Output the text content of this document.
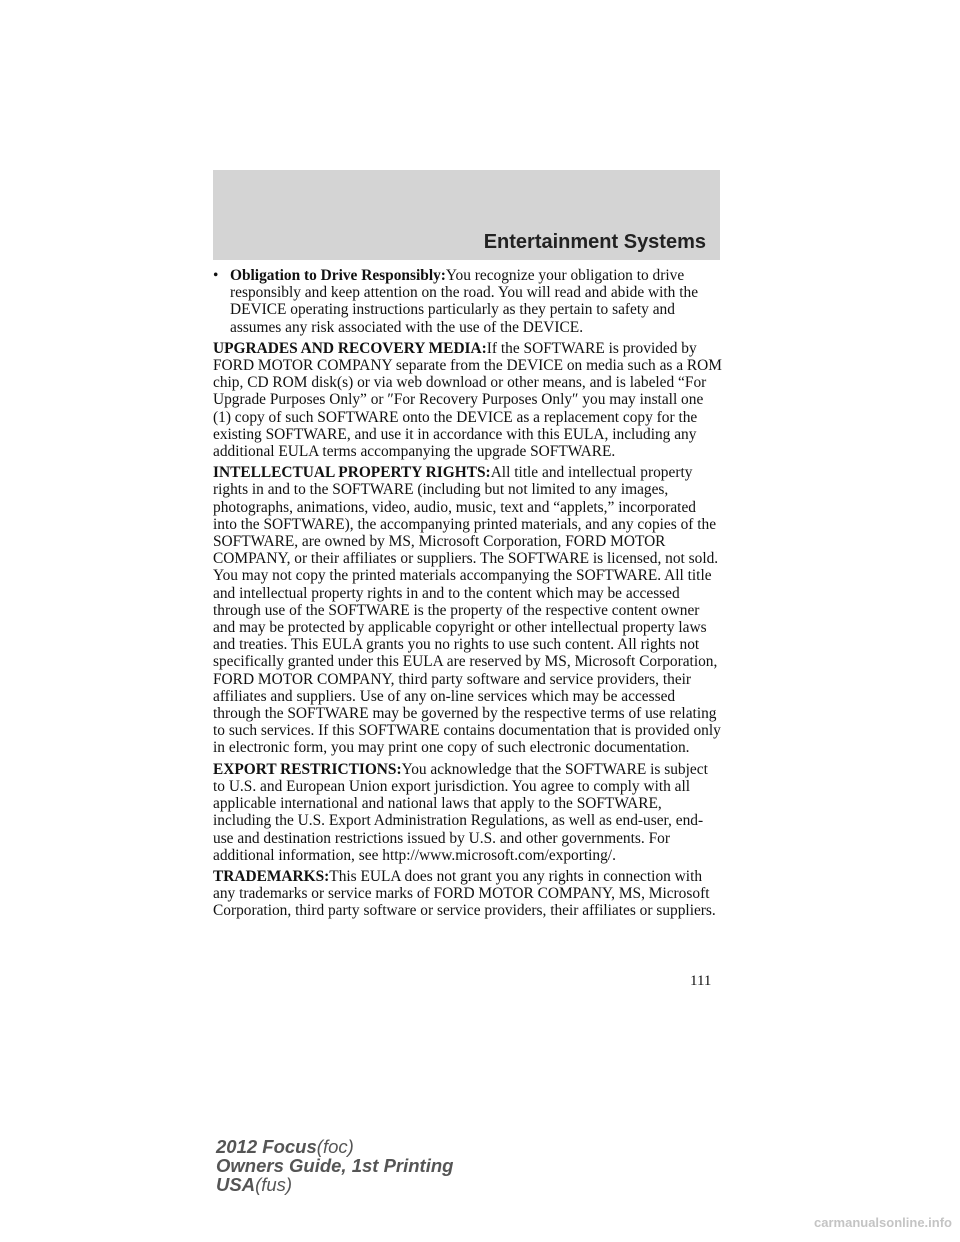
Entertainment Systems
• Obligation to Drive Responsibly:You recognize your obligation to drive responsibly and keep attention on the road. You will read and abide with the DEVICE operating instructions particularly as they pertain to safety and assumes any risk associated with the use of the DEVICE.

UPGRADES AND RECOVERY MEDIA:If the SOFTWARE is provided by FORD MOTOR COMPANY separate from the DEVICE on media such as a ROM chip, CD ROM disk(s) or via web download or other means, and is labeled “For Upgrade Purposes Only” or ″For Recovery Purposes Only″ you may install one (1) copy of such SOFTWARE onto the DEVICE as a replacement copy for the existing SOFTWARE, and use it in accordance with this EULA, including any additional EULA terms accompanying the upgrade SOFTWARE.

INTELLECTUAL PROPERTY RIGHTS:All title and intellectual property rights in and to the SOFTWARE (including but not limited to any images, photographs, animations, video, audio, music, text and “applets,” incorporated into the SOFTWARE), the accompanying printed materials, and any copies of the SOFTWARE, are owned by MS, Microsoft Corporation, FORD MOTOR COMPANY, or their affiliates or suppliers. The SOFTWARE is licensed, not sold. You may not copy the printed materials accompanying the SOFTWARE. All title and intellectual property rights in and to the content which may be accessed through use of the SOFTWARE is the property of the respective content owner and may be protected by applicable copyright or other intellectual property laws and treaties. This EULA grants you no rights to use such content. All rights not specifically granted under this EULA are reserved by MS, Microsoft Corporation, FORD MOTOR COMPANY, third party software and service providers, their affiliates and suppliers. Use of any on-line services which may be accessed through the SOFTWARE may be governed by the respective terms of use relating to such services. If this SOFTWARE contains documentation that is provided only in electronic form, you may print one copy of such electronic documentation.

EXPORT RESTRICTIONS:You acknowledge that the SOFTWARE is subject to U.S. and European Union export jurisdiction. You agree to comply with all applicable international and national laws that apply to the SOFTWARE, including the U.S. Export Administration Regulations, as well as end-user, end-use and destination restrictions issued by U.S. and other governments. For additional information, see http://www.microsoft.com/exporting/.

TRADEMARKS:This EULA does not grant you any rights in connection with any trademarks or service marks of FORD MOTOR COMPANY, MS, Microsoft Corporation, third party software or service providers, their affiliates or suppliers.

111
2012 Focus(foc)
Owners Guide, 1st Printing
USA(fus)
carmanualsonline.info
